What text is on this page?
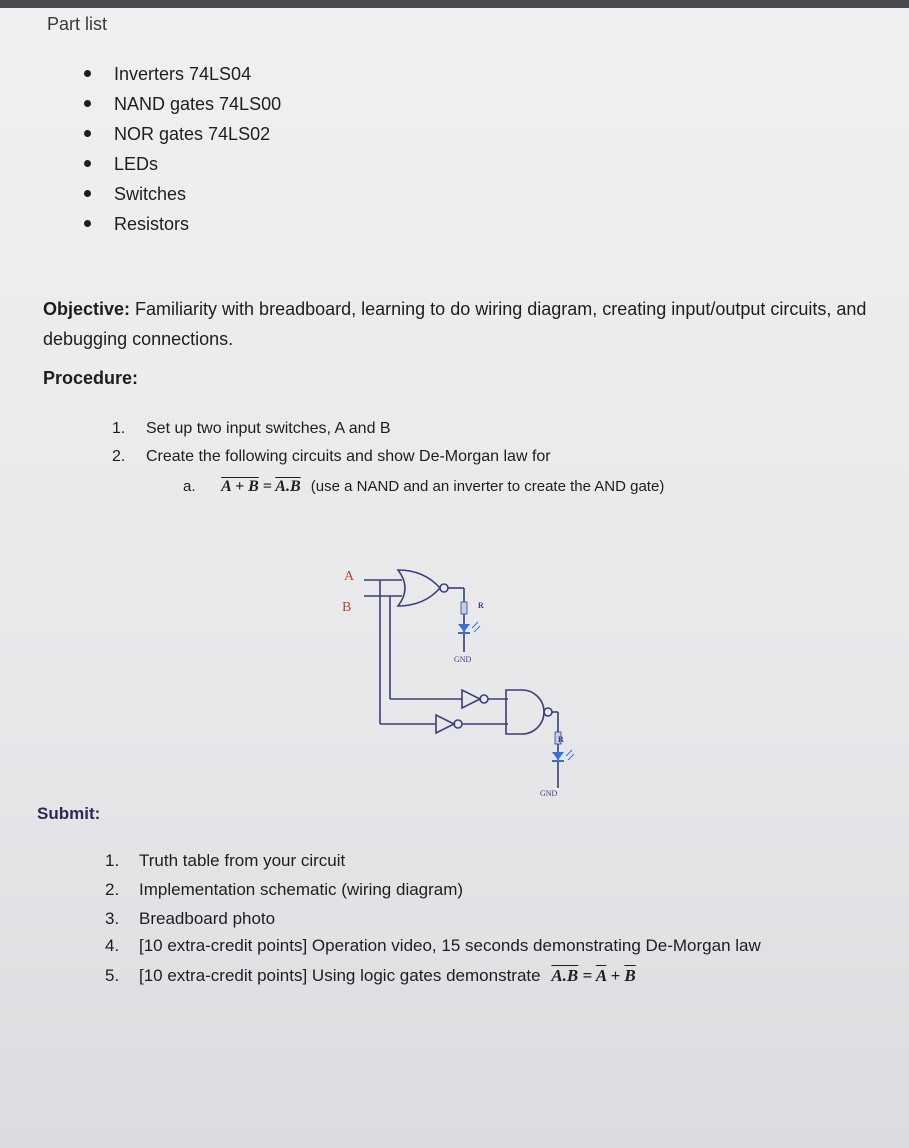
Part list
Inverters 74LS04
NAND gates 74LS00
NOR gates 74LS02
LEDs
Switches
Resistors
Objective: Familiarity with breadboard, learning to do wiring diagram, creating input/output circuits, and debugging connections.
Procedure:
1. Set up two input switches, A and B
2. Create the following circuits and show De-Morgan law for
a. A + B = A.B (use a NAND and an inverter to create the AND gate)
A
B	R
GND
R
GND
Submit:
1. Truth table from your circuit
2. Implementation schematic (wiring diagram)
3. Breadboard photo
4. [10 extra-credit points] Operation video, 15 seconds demonstrating De-Morgan law
5. [10 extra-credit points] Using logic gates demonstrate $A.B = \overline{A} + \overline{B}$
